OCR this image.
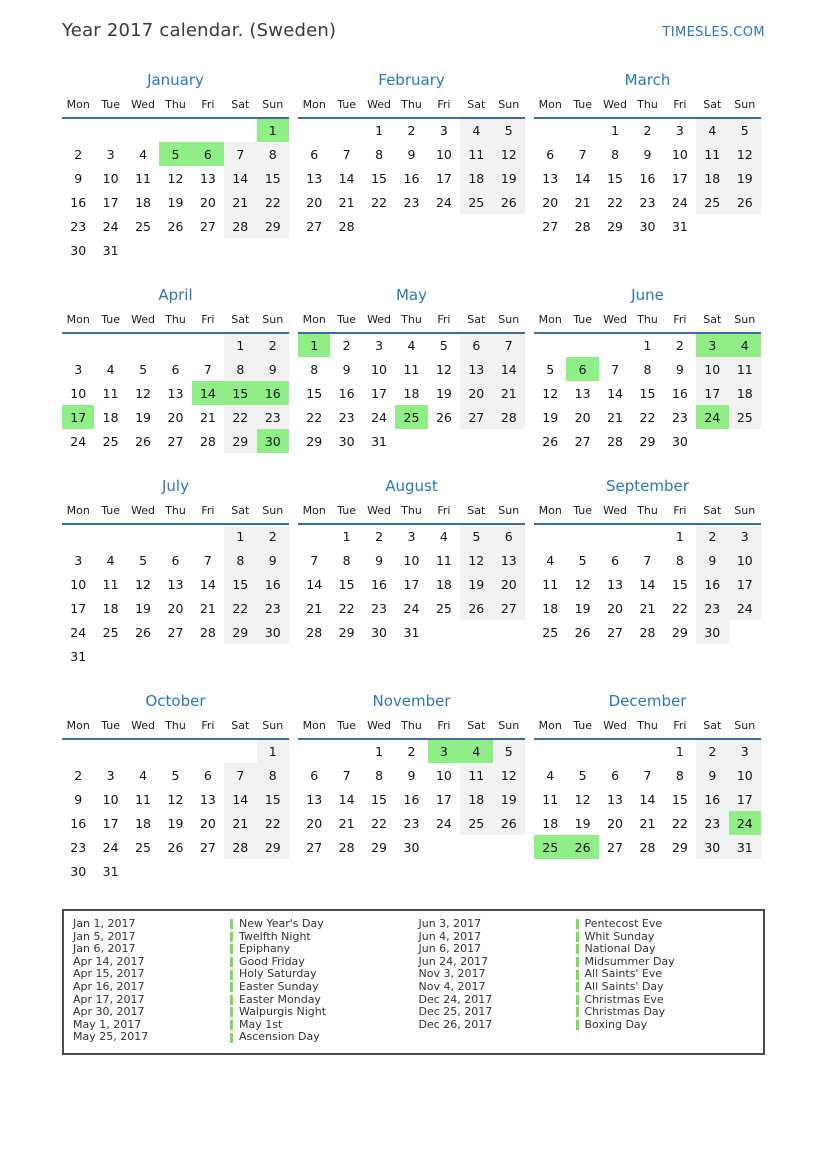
Year 2017 calendar. (Sweden)	TIMESLES.COM
January
Mon	Tue	Wed	Thu	Fri	Sat	Sun
						1
2	3	4	5	6	7	8
9	10	11	12	13	14	15
16	17	18	19	20	21	22
23	24	25	26	27	28	29
30	31					
February
Mon	Tue	Wed	Thu	Fri	Sat	Sun
		1	2	3	4	5
6	7	8	9	10	11	12
13	14	15	16	17	18	19
20	21	22	23	24	25	26
27	28					
March
Mon	Tue	Wed	Thu	Fri	Sat	Sun
		1	2	3	4	5
6	7	8	9	10	11	12
13	14	15	16	17	18	19
20	21	22	23	24	25	26
27	28	29	30	31		
April
Mon	Tue	Wed	Thu	Fri	Sat	Sun
					1	2
3	4	5	6	7	8	9
10	11	12	13	14	15	16
17	18	19	20	21	22	23
24	25	26	27	28	29	30
May
Mon	Tue	Wed	Thu	Fri	Sat	Sun
1	2	3	4	5	6	7
8	9	10	11	12	13	14
15	16	17	18	19	20	21
22	23	24	25	26	27	28
29	30	31				
June
Mon	Tue	Wed	Thu	Fri	Sat	Sun
			1	2	3	4
5	6	7	8	9	10	11
12	13	14	15	16	17	18
19	20	21	22	23	24	25
26	27	28	29	30		
July
Mon	Tue	Wed	Thu	Fri	Sat	Sun
					1	2
3	4	5	6	7	8	9
10	11	12	13	14	15	16
17	18	19	20	21	22	23
24	25	26	27	28	29	30
31						
August
Mon	Tue	Wed	Thu	Fri	Sat	Sun
	1	2	3	4	5	6
7	8	9	10	11	12	13
14	15	16	17	18	19	20
21	22	23	24	25	26	27
28	29	30	31			
September
Mon	Tue	Wed	Thu	Fri	Sat	Sun
				1	2	3
4	5	6	7	8	9	10
11	12	13	14	15	16	17
18	19	20	21	22	23	24
25	26	27	28	29	30	
October
Mon	Tue	Wed	Thu	Fri	Sat	Sun
						1
2	3	4	5	6	7	8
9	10	11	12	13	14	15
16	17	18	19	20	21	22
23	24	25	26	27	28	29
30	31					
November
Mon	Tue	Wed	Thu	Fri	Sat	Sun
		1	2	3	4	5
6	7	8	9	10	11	12
13	14	15	16	17	18	19
20	21	22	23	24	25	26
27	28	29	30			
December
Mon	Tue	Wed	Thu	Fri	Sat	Sun
				1	2	3
4	5	6	7	8	9	10
11	12	13	14	15	16	17
18	19	20	21	22	23	24
25	26	27	28	29	30	31
Jan 1, 2017	New Year's Day
Jan 5, 2017	Twelfth Night
Jan 6, 2017	Epiphany
Apr 14, 2017	Good Friday
Apr 15, 2017	Holy Saturday
Apr 16, 2017	Easter Sunday
Apr 17, 2017	Easter Monday
Apr 30, 2017	Walpurgis Night
May 1, 2017	May 1st
May 25, 2017	Ascension Day
Jun 3, 2017	Pentecost Eve
Jun 4, 2017	Whit Sunday
Jun 6, 2017	National Day
Jun 24, 2017	Midsummer Day
Nov 3, 2017	All Saints' Eve
Nov 4, 2017	All Saints' Day
Dec 24, 2017	Christmas Eve
Dec 25, 2017	Christmas Day
Dec 26, 2017	Boxing Day
